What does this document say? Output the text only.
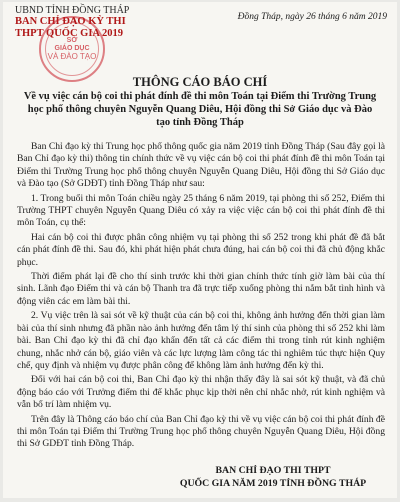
UBND TỈNH ĐỒNG THÁP
BAN CHỈ ĐẠO KỲ THI
THPT QUỐC GIA 2019
SỞ
GIÁO DỤC
VÀ ĐÀO TẠO
Đồng Tháp, ngày 26 tháng 6 năm 2019
THÔNG CÁO BÁO CHÍ
Về vụ việc cán bộ coi thi phát đính đề thi môn Toán tại Điểm thi Trường Trung học phổ thông chuyên Nguyễn Quang Diêu, Hội đồng thi Sở Giáo dục và Đào tạo tỉnh Đồng Tháp

Ban Chỉ đạo kỳ thi Trung học phổ thông quốc gia năm 2019 tỉnh Đồng Tháp (Sau đây gọi là Ban Chỉ đạo kỳ thi) thông tin chính thức về vụ việc cán bộ coi thi phát đính đề thi môn Toán tại Điểm thi Trường Trung học phổ thông chuyên Nguyễn Quang Diêu, Hội đồng thi Sở Giáo dục và Đào tạo (Sở GDĐT) tỉnh Đồng Tháp như sau:

1. Trong buổi thi môn Toán chiều ngày 25 tháng 6 năm 2019, tại phòng thi số 252, Điểm thi Trường THPT chuyên Nguyễn Quang Diêu có xảy ra việc việc cán bộ coi thi phát đính đề thi môn Toán, cụ thể:

Hai cán bộ coi thi được phân công nhiệm vụ tại phòng thi số 252 trong khi phát đề đã bắt cán phát đính đề thi. Sau đó, khi phát hiện phát chưa đúng, hai cán bộ coi thi đã chủ động khắc phục.

Thời điểm phát lại đề cho thí sinh trước khi thời gian chính thức tính giờ làm bài của thí sinh. Lãnh đạo Điểm thi và cán bộ Thanh tra đã trực tiếp xuống phòng thi nắm bắt tình hình và động viên các em làm bài thi.

2. Vụ việc trên là sai sót về kỹ thuật của cán bộ coi thi, không ảnh hưởng đến thời gian làm bài của thí sinh nhưng đã phần nào ảnh hưởng đến tâm lý thí sinh của phòng thi số 252 khi làm bài. Ban Chỉ đạo kỳ thi đã chỉ đạo khẩn đến tất cả các điểm thi trong tỉnh rút kinh nghiệm chung, nhắc nhở cán bộ, giáo viên và các lực lượng làm công tác thi nghiêm túc thực hiện Quy chế, quy định và nhiệm vụ được phân công để không làm ảnh hưởng đến kỳ thi.

Đối với hai cán bộ coi thi, Ban Chỉ đạo kỳ thi nhận thấy đây là sai sót kỹ thuật, và đã chủ động báo cáo với Trưởng điểm thi để khắc phục kịp thời nên chỉ nhắc nhở, rút kinh nghiệm và vẫn bố trí làm nhiệm vụ.

Trên đây là Thông cáo báo chí của Ban Chỉ đạo kỳ thi về vụ việc cán bộ coi thi phát đính đề thi môn Toán tại Điểm thi Trường Trung học phổ thông chuyên Nguyễn Quang Diêu, Hội đồng thi Sở GDĐT tỉnh Đồng Tháp.

BAN CHỈ ĐẠO THI THPT
QUỐC GIA NĂM 2019 TỈNH ĐỒNG THÁP
